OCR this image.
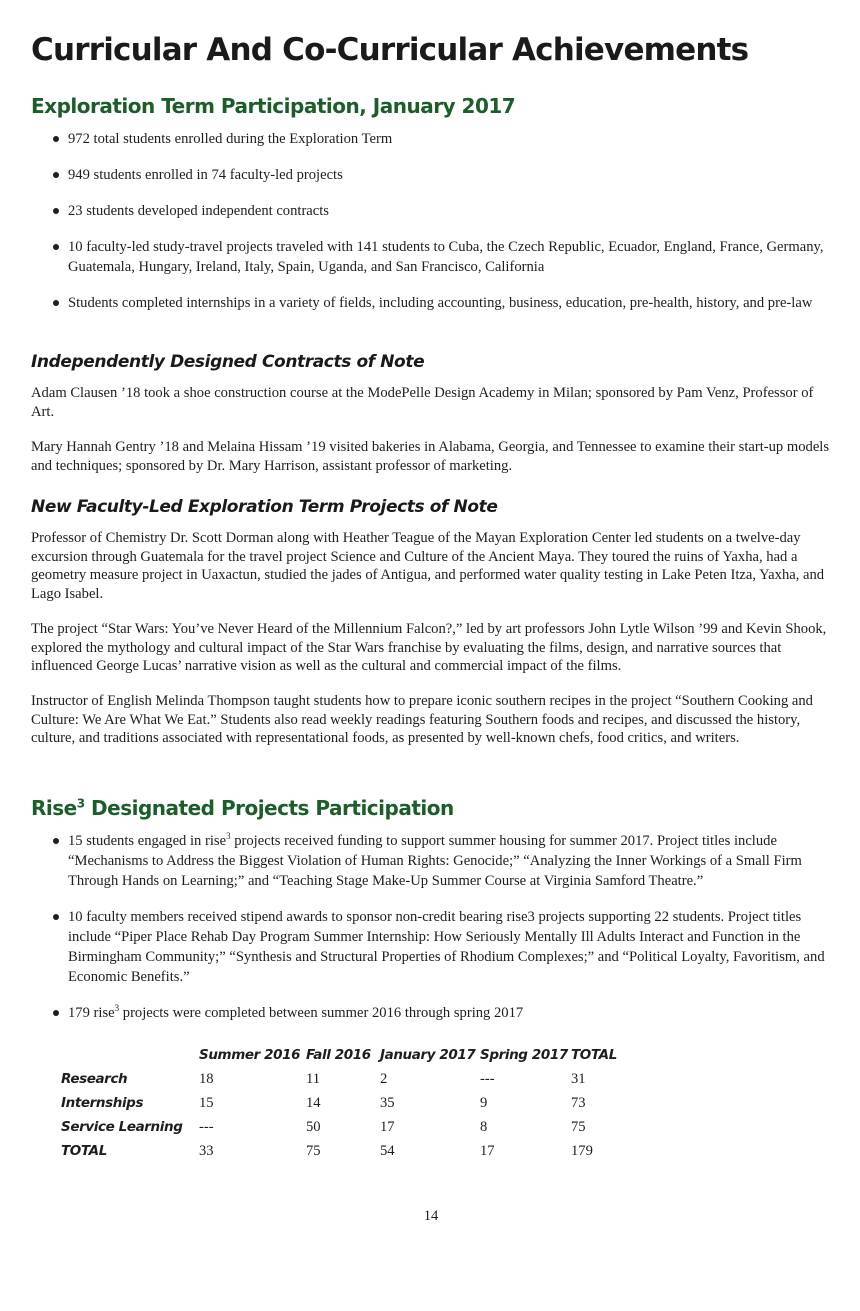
Curricular And Co-Curricular Achievements
Exploration Term Participation, January 2017
972 total students enrolled during the Exploration Term
949 students enrolled in 74 faculty-led projects
23 students developed independent contracts
10 faculty-led study-travel projects traveled with 141 students to Cuba, the Czech Republic, Ecuador, England, France, Germany, Guatemala, Hungary, Ireland, Italy, Spain, Uganda, and San Francisco, California
Students completed internships in a variety of fields, including accounting, business, education, pre-health, history, and pre-law
Independently Designed Contracts of Note

Adam Clausen ’18 took a shoe construction course at the ModePelle Design Academy in Milan; sponsored by Pam Venz, Professor of Art.

Mary Hannah Gentry ’18 and Melaina Hissam ’19 visited bakeries in Alabama, Georgia, and Tennessee to examine their start-up models and techniques; sponsored by Dr. Mary Harrison, assistant professor of marketing.

New Faculty-Led Exploration Term Projects of Note

Professor of Chemistry Dr. Scott Dorman along with Heather Teague of the Mayan Exploration Center led students on a twelve-day excursion through Guatemala for the travel project Science and Culture of the Ancient Maya. They toured the ruins of Yaxha, had a geometry measure project in Uaxactun, studied the jades of Antigua, and performed water quality testing in Lake Peten Itza, Yaxha, and Lago Isabel.

The project “Star Wars: You’ve Never Heard of the Millennium Falcon?,” led by art professors John Lytle Wilson ’99 and Kevin Shook, explored the mythology and cultural impact of the Star Wars franchise by evaluating the films, design, and narrative sources that influenced George Lucas’ narrative vision as well as the cultural and commercial impact of the films.

Instructor of English Melinda Thompson taught students how to prepare iconic southern recipes in the project “Southern Cooking and Culture: We Are What We Eat.” Students also read weekly readings featuring Southern foods and recipes, and discussed the history, culture, and traditions associated with representational foods, as presented by well-known chefs, food critics, and writers.

Rise$^3$ Designated Projects Participation
15 students engaged in rise$^3$ projects received funding to support summer housing for summer 2017. Project titles include “Mechanisms to Address the Biggest Violation of Human Rights: Genocide;” “Analyzing the Inner Workings of a Small Firm Through Hands on Learning;” and “Teaching Stage Make-Up Summer Course at Virginia Samford Theatre.”
10 faculty members received stipend awards to sponsor non-credit bearing rise3 projects supporting 22 students. Project titles include “Piper Place Rehab Day Program Summer Internship: How Seriously Mentally Ill Adults Interact and Function in the Birmingham Community;” “Synthesis and Structural Properties of Rhodium Complexes;” and “Political Loyalty, Favoritism, and Economic Benefits.”
179 rise$^3$ projects were completed between summer 2016 through spring 2017
	Summer 2016	Fall 2016	January 2017	Spring 2017	TOTAL
Research	18	11	2	---	31
Internships	15	14	35	9	73
Service Learning	---	50	17	8	75
TOTAL	33	75	54	17	179
14
